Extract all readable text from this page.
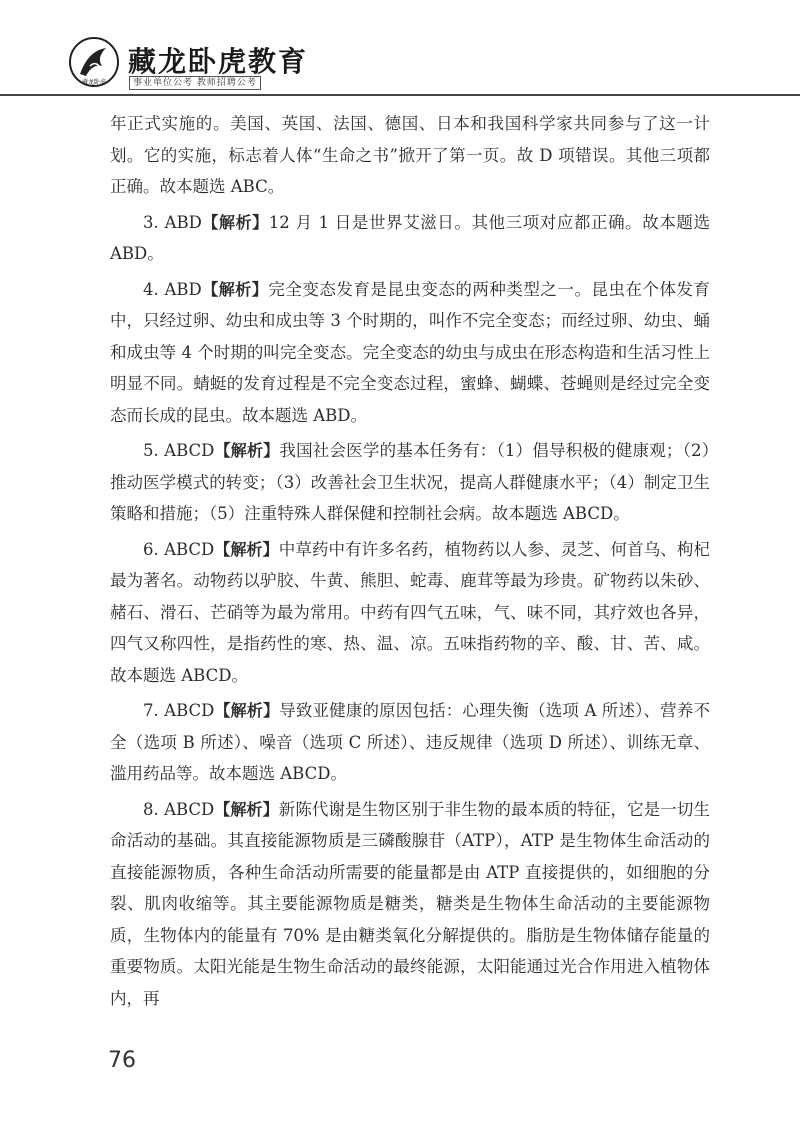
藏龙卧虎
藏龙卧虎教育
事业单位公考 教师招聘公考

年正式实施的。美国、英国、法国、德国、日本和我国科学家共同参与了这一计划。它的实施，标志着人体“生命之书”掀开了第一页。故 D 项错误。其他三项都正确。故本题选 ABC。

3. ABD【解析】12 月 1 日是世界艾滋日。其他三项对应都正确。故本题选 ABD。

4. ABD【解析】完全变态发育是昆虫变态的两种类型之一。昆虫在个体发育中，只经过卵、幼虫和成虫等 3 个时期的，叫作不完全变态；而经过卵、幼虫、蛹和成虫等 4 个时期的叫完全变态。完全变态的幼虫与成虫在形态构造和生活习性上明显不同。蜻蜓的发育过程是不完全变态过程，蜜蜂、蝴蝶、苍蝇则是经过完全变态而长成的昆虫。故本题选 ABD。

5. ABCD【解析】我国社会医学的基本任务有：（1）倡导积极的健康观；（2）推动医学模式的转变；（3）改善社会卫生状况，提高人群健康水平；（4）制定卫生策略和措施；（5）注重特殊人群保健和控制社会病。故本题选 ABCD。

6. ABCD【解析】中草药中有许多名药，植物药以人参、灵芝、何首乌、枸杞最为著名。动物药以驴胶、牛黄、熊胆、蛇毒、鹿茸等最为珍贵。矿物药以朱砂、赭石、滑石、芒硝等为最为常用。中药有四气五味，气、味不同，其疗效也各异，四气又称四性，是指药性的寒、热、温、凉。五味指药物的辛、酸、甘、苦、咸。故本题选 ABCD。

7. ABCD【解析】导致亚健康的原因包括：心理失衡（选项 A 所述）、营养不全（选项 B 所述）、噪音（选项 C 所述）、违反规律（选项 D 所述）、训练无章、滥用药品等。故本题选 ABCD。

8. ABCD【解析】新陈代谢是生物区别于非生物的最本质的特征，它是一切生命活动的基础。其直接能源物质是三磷酸腺苷（ATP），ATP 是生物体生命活动的直接能源物质，各种生命活动所需要的能量都是由 ATP 直接提供的，如细胞的分裂、肌肉收缩等。其主要能源物质是糖类，糖类是生物体生命活动的主要能源物质，生物体内的能量有 70% 是由糖类氧化分解提供的。脂肪是生物体储存能量的重要物质。太阳光能是生物生命活动的最终能源，太阳能通过光合作用进入植物体内，再

76
